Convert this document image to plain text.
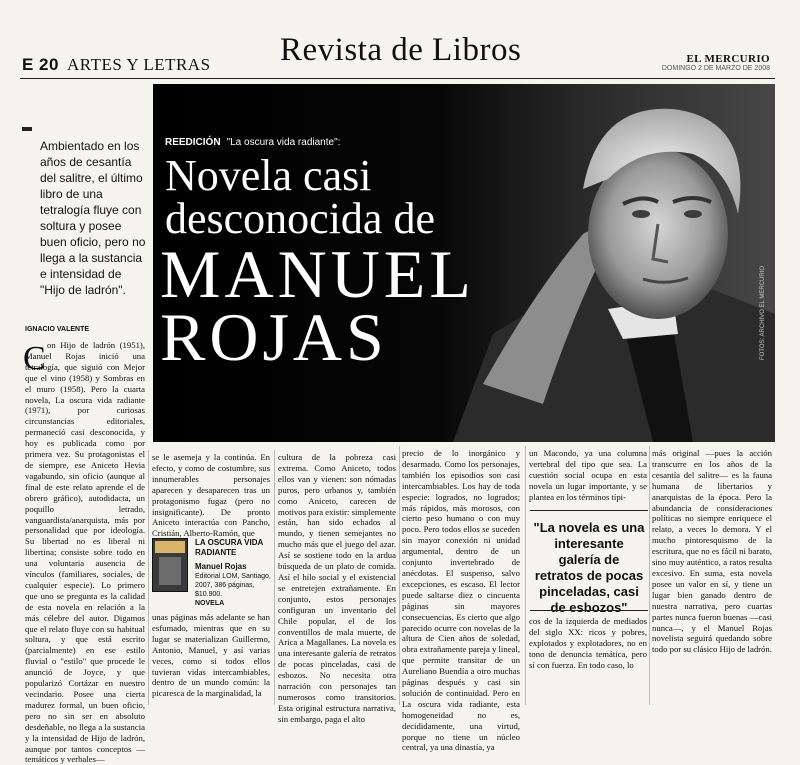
E 20 ARTES Y LETRAS Revista de Libros	EL MERCURIO
DOMINGO 2 DE MARZO DE 2008
REEDICIÓN "La oscura vida radiante":
Novela casi
desconocida de
MANUEL
ROJAS	FOTOS: ARCHIVO EL MERCURIO
Ambientado en los años de cesantía del salitre, el último libro de una tetralogía fluye con soltura y posee buen oficio, pero no llega a la sustancia e intensidad de "Hijo de ladrón".
IGNACIO VALENTE
C on Hijo de ladrón (1951), Manuel Rojas inició una tetralogía, que siguió con Mejor que el vino (1958) y Sombras en el muro (1958). Pero la cuarta novela, La oscura vida radiante (1971), por curiosas circunstancias editoriales, permaneció casi desconocida, y hoy es publicada como por primera vez. Su protagonistas el de siempre, ese Aniceto Hevia vagabundo, sin oficio (aunque al final de este relato aprende el de obrero gráfico), autodidacta, un poquillo letrado, vanguardista/anarquista, más por personalidad que por ideología. Su libertad no es liberal ni libertina; consiste sobre todo en una voluntaria ausencia de vínculos (familiares, sociales, de cualquier especie). Lo primero que uno se pregunta es la calidad de esta novela en relación a la más célebre del autor. Digamos que el relato fluye con su habitual soltura, y que está escrito (parcialmente) en ese estilo fluvial o "estilo" que procede le anunció de Joyce, y que popularizó Cortázar en nuestro vecindario. Posee una cierta madurez formal, un buen oficio, pero no sin ser en absoluto desdeñable, no llega a la sustancia y la intensidad de Hijo de ladrón, aunque por tantos conceptos —temáticos y verbales—

se le asemeja y la continúa. En efecto, y como de costumbre, sus innumerables personajes aparecen y desaparecen tras un protagonismo fugaz (pero no insignificante). De pronto Aniceto interactúa con Pancho, Cristián, Alberto-Ramón, que

unas páginas más adelante se han esfumado, mientras que en su lugar se materializan Guillermo, Antonio, Manuel, y así varias veces, como si todos ellos tuvieran vidas intercambiables, dentro de un mundo común: la picaresca de la marginalidad, la

LA OSCURA VIDA RADIANTE
Manuel Rojas
Editorial LOM, Santiago, 2007, 386 páginas, $10.900.
NOVELA

cultura de la pobreza casi extrema. Como Aniceto, todos ellos van y vienen: son nómadas puros, pero urbanos y, también como Aniceto, carecen de motivos para existir: simplemente están, han sido echados al mundo, y tienen semejantes no mucho más que el juego del azar. Así se sostiene todo en la ardua búsqueda de un plato de comida. Así el hilo social y el existencial se entretejen extrañamente. En conjunto, estos personajes configuran un inventario del Chile popular, el de los conventillos de mala muerte, de Arica a Magallanes. La novela es una interesante galería de retratos de pocas pinceladas, casi de esbozos. No necesita otra narración con personajes tan numerosos como transitorios. Esta original estructura narrativa, sin embargo, paga el alto

precio de lo inorgánico y desarmado. Como los personajes, también los episodios son casi intercambiables. Los hay de toda especie: logrados, no logrados; más rápidos, más morosos, con cierto peso humano o con muy poco. Pero todos ellos se suceden sin mayor conexión ni unidad argumental, dentro de un conjunto invertebrado de anécdotas. El suspenso, salvo excepciones, es escaso. El lector puede saltarse diez o cincuenta páginas sin mayores consecuencias. Es cierto que algo parecido ocurre con novelas de la altura de Cien años de soledad, obra extrañamente pareja y lineal, que permite transitar de un Aureliano Buendía a otro muchas páginas después y casi sin solución de continuidad. Pero en La oscura vida radiante, esta homogeneidad no es, decididamente, una virtud, porque no tiene un núcleo central, ya una dinastía, ya

un Macondo, ya una columna vertebral del tipo que sea. La cuestión social ocupa en esta novela un lugar importante, y se plantea en los términos típi-

"La novela es una interesante galería de retratos de pocas pinceladas, casi de esbozos"

cos de la izquierda de mediados del siglo XX: ricos y pobres, explotados y explotadores, no en tono de denuncia temática, pero sí con fuerza. En todo caso, lo

más original —pues la acción transcurre en los años de la cesantía del salitre— es la fauna humana de libertarios y anarquistas de la época. Pero la abundancia de consideraciones políticas no siempre enriquece el relato, a veces lo demora. Y el mucho pintoresquismo de la escritura, que no es fácil ni barato, sino muy auténtico, a ratos resulta excesivo. En suma, esta novela posee un valor en sí, y tiene un lugar bien ganado dentro de nuestra narrativa, pero cuartas partes nunca fueron buenas —casi nunca—, y el Manuel Rojas novelista seguirá quedando sobre todo por su clásico Hijo de ladrón.
